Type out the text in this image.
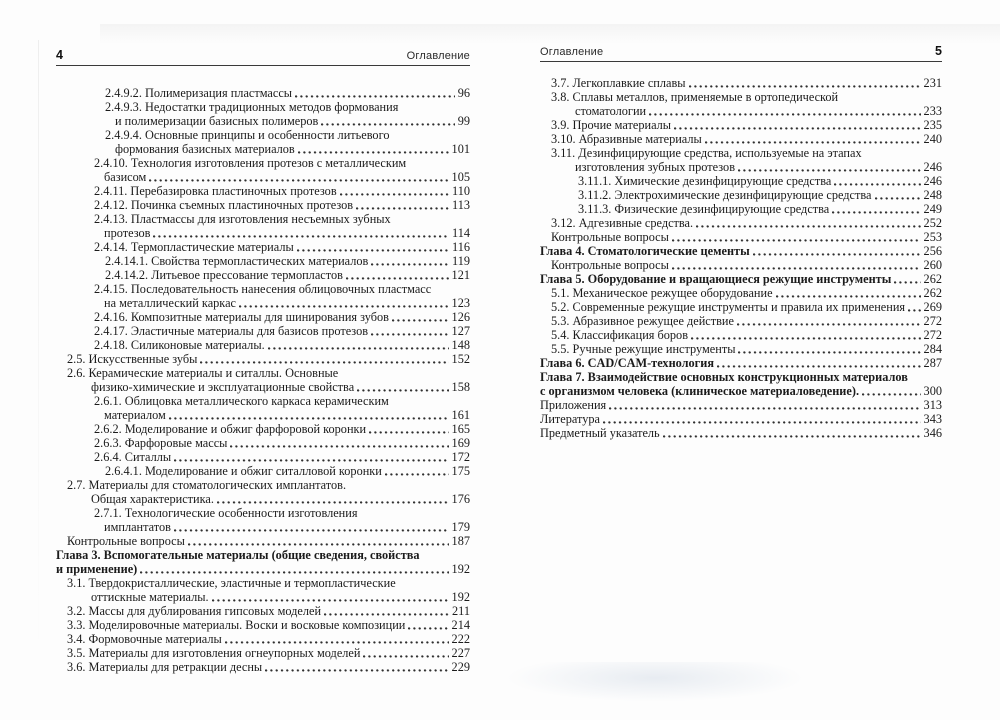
4	Оглавление
2.4.9.2. Полимеризация пластмассы	96
2.4.9.3. Недостатки традиционных методов формования
и полимеризации базисных полимеров	99
2.4.9.4. Основные принципы и особенности литьевого
формования базисных материалов	101
2.4.10. Технология изготовления протезов с металлическим
базисом	105
2.4.11. Перебазировка пластиночных протезов	110
2.4.12. Починка съемных пластиночных протезов	113
2.4.13. Пластмассы для изготовления несъемных зубных
протезов	114
2.4.14. Термопластические материалы	116
2.4.14.1. Свойства термопластических материалов	119
2.4.14.2. Литьевое прессование термопластов	121
2.4.15. Последовательность нанесения облицовочных пластмасс
на металлический каркас	123
2.4.16. Композитные материалы для шинирования зубов	126
2.4.17. Эластичные материалы для базисов протезов	127
2.4.18. Силиконовые материалы.	148
2.5. Искусственные зубы	152
2.6. Керамические материалы и ситаллы. Основные
физико-химические и эксплуатационные свойства	158
2.6.1. Облицовка металлического каркаса керамическим
материалом	161
2.6.2. Моделирование и обжиг фарфоровой коронки	165
2.6.3. Фарфоровые массы	169
2.6.4. Ситаллы	172
2.6.4.1. Моделирование и обжиг ситалловой коронки	175
2.7. Материалы для стоматологических имплантатов.
Общая характеристика.	176
2.7.1. Технологические особенности изготовления
имплантатов	179
Контрольные вопросы	187
Глава 3. Вспомогательные материалы (общие сведения, свойства
и применение)	192
3.1. Твердокристаллические, эластичные и термопластические
оттискные материалы.	192
3.2. Массы для дублирования гипсовых моделей	211
3.3. Моделировочные материалы. Воски и восковые композиции	214
3.4. Формовочные материалы	222
3.5. Материалы для изготовления огнеупорных моделей	227
3.6. Материалы для ретракции десны	229
Оглавление	5
3.7. Легкоплавкие сплавы	231
3.8. Сплавы металлов, применяемые в ортопедической
стоматологии	233
3.9. Прочие материалы	235
3.10. Абразивные материалы	240
3.11. Дезинфицирующие средства, используемые на этапах
изготовления зубных протезов	246
3.11.1. Химические дезинфицирующие средства	246
3.11.2. Электрохимические дезинфицирующие средства	248
3.11.3. Физические дезинфицирующие средства	249
3.12. Адгезивные средства.	252
Контрольные вопросы	253
Глава 4. Стоматологические цементы	256
Контрольные вопросы	260
Глава 5. Оборудование и вращающиеся режущие инструменты	262
5.1. Механическое режущее оборудование	262
5.2. Современные режущие инструменты и правила их применения 269
5.3. Абразивное режущее действие	272
5.4. Классификация боров	272
5.5. Ручные режущие инструменты	284
Глава 6. CAD/CAM-технология	287
Глава 7. Взаимодействие основных конструкционных материалов
с организмом человека (клиническое материаловедение).	300
Приложения	313
Литература	343
Предметный указатель	346
